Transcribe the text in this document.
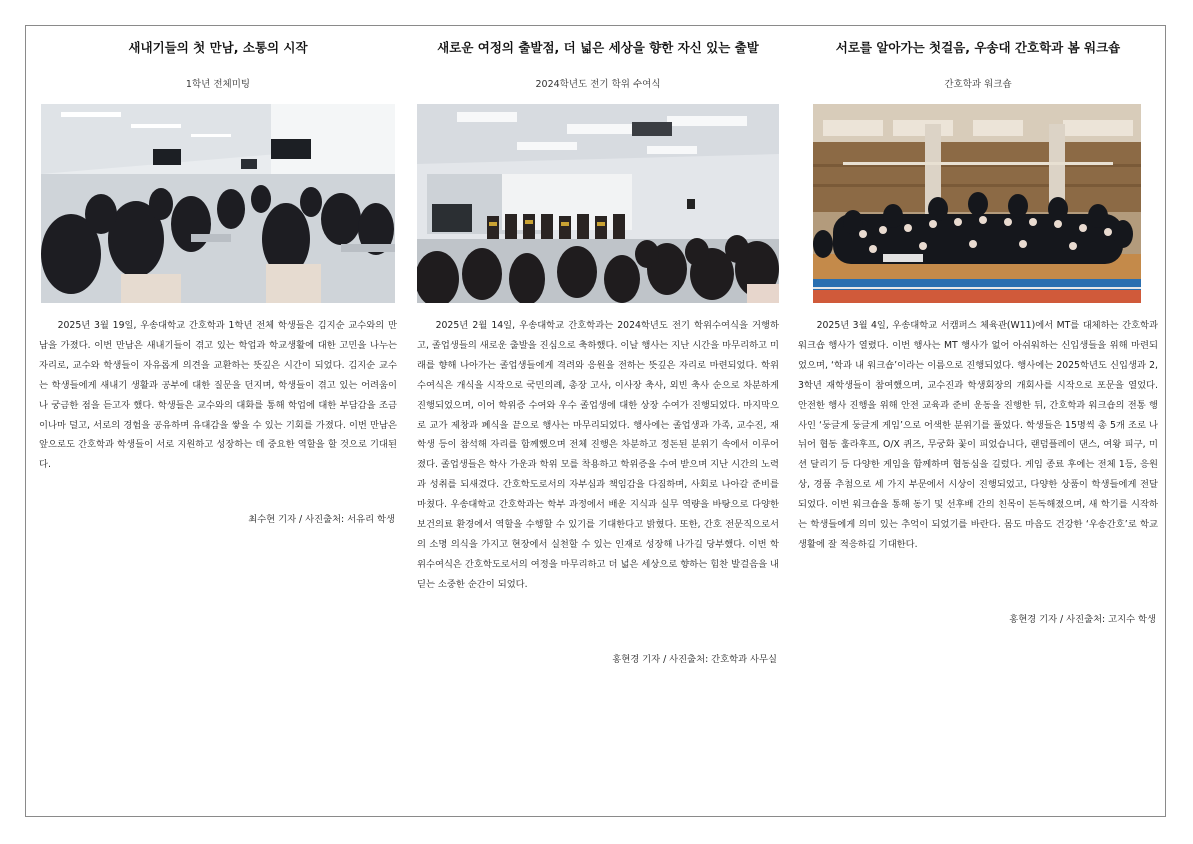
새내기들의 첫 만남, 소통의 시작
1학년 전체미팅

2025년 3월 19일, 우송대학교 간호학과 1학년 전체 학생들은 김지순 교수와의 만남을 가졌다. 이번 만남은 새내기들이 겪고 있는 학업과 학교생활에 대한 고민을 나누는 자리로, 교수와 학생들이 자유롭게 의견을 교환하는 뜻깊은 시간이 되었다. 김지순 교수는 학생들에게 새내기 생활과 공부에 대한 질문을 던지며, 학생들이 겪고 있는 어려움이나 궁금한 점을 듣고자 했다. 학생들은 교수와의 대화를 통해 학업에 대한 부담감을 조금이나마 덜고, 서로의 경험을 공유하며 유대감을 쌓을 수 있는 기회를 가졌다. 이번 만남은 앞으로도 간호학과 학생들이 서로 지원하고 성장하는 데 중요한 역할을 할 것으로 기대된다.

최수현 기자 / 사진출처: 서유리 학생
새로운 여정의 출발점, 더 넓은 세상을 향한 자신 있는 출발
2024학년도 전기 학위 수여식

2025년 2월 14일, 우송대학교 간호학과는 2024학년도 전기 학위수여식을 거행하고, 졸업생들의 새로운 출발을 진심으로 축하했다. 이날 행사는 지난 시간을 마무리하고 미래를 향해 나아가는 졸업생들에게 격려와 응원을 전하는 뜻깊은 자리로 마련되었다. 학위수여식은 개식을 시작으로 국민의례, 총장 고사, 이사장 축사, 외빈 축사 순으로 차분하게 진행되었으며, 이어 학위증 수여와 우수 졸업생에 대한 상장 수여가 진행되었다. 마지막으로 교가 제창과 폐식을 끝으로 행사는 마무리되었다. 행사에는 졸업생과 가족, 교수진, 재학생 등이 참석해 자리를 함께했으며 전체 진행은 차분하고 정돈된 분위기 속에서 이루어졌다. 졸업생들은 학사 가운과 학위 모를 착용하고 학위증을 수여 받으며 지난 시간의 노력과 성취를 되새겼다. 간호학도로서의 자부심과 책임감을 다짐하며, 사회로 나아갈 준비를 마쳤다. 우송대학교 간호학과는 학부 과정에서 배운 지식과 실무 역량을 바탕으로 다양한 보건의료 환경에서 역할을 수행할 수 있기를 기대한다고 밝혔다. 또한, 간호 전문직으로서의 소명 의식을 가지고 현장에서 실천할 수 있는 인재로 성장해 나가길 당부했다. 이번 학위수여식은 간호학도로서의 여정을 마무리하고 더 넓은 세상으로 향하는 힘찬 발걸음을 내딛는 소중한 순간이 되었다.

홍현경 기자 / 사진출처: 간호학과 사무실
서로를 알아가는 첫걸음, 우송대 간호학과 봄 워크숍
간호학과 워크숍

2025년 3월 4일, 우송대학교 서캠퍼스 체육관(W11)에서 MT를 대체하는 간호학과 워크숍 행사가 열렸다. 이번 행사는 MT 행사가 없어 아쉬워하는 신입생들을 위해 마련되었으며, ‘학과 내 워크숍’이라는 이름으로 진행되었다. 행사에는 2025학년도 신입생과 2, 3학년 재학생들이 참여했으며, 교수진과 학생회장의 개회사를 시작으로 포문을 열었다. 안전한 행사 진행을 위해 안전 교육과 준비 운동을 진행한 뒤, 간호학과 워크숍의 전통 행사인 ‘둥글게 둥글게 게임’으로 어색한 분위기를 풀었다. 학생들은 15명씩 총 5개 조로 나뉘어 협동 훌라후프, O/X 퀴즈, 무궁화 꽃이 피었습니다, 랜덤플레이 댄스, 여왕 피구, 미션 달리기 등 다양한 게임을 함께하며 협동심을 길렀다. 게임 종료 후에는 전체 1등, 응원상, 경품 추첨으로 세 가지 부문에서 시상이 진행되었고, 다양한 상품이 학생들에게 전달되었다. 이번 워크숍을 통해 동기 및 선후배 간의 친목이 돈독해졌으며, 새 학기를 시작하는 학생들에게 의미 있는 추억이 되었기를 바란다. 몸도 마음도 건강한 ‘우송간호’로 학교생활에 잘 적응하길 기대한다.

홍현경 기자 / 사진출처: 고지수 학생
